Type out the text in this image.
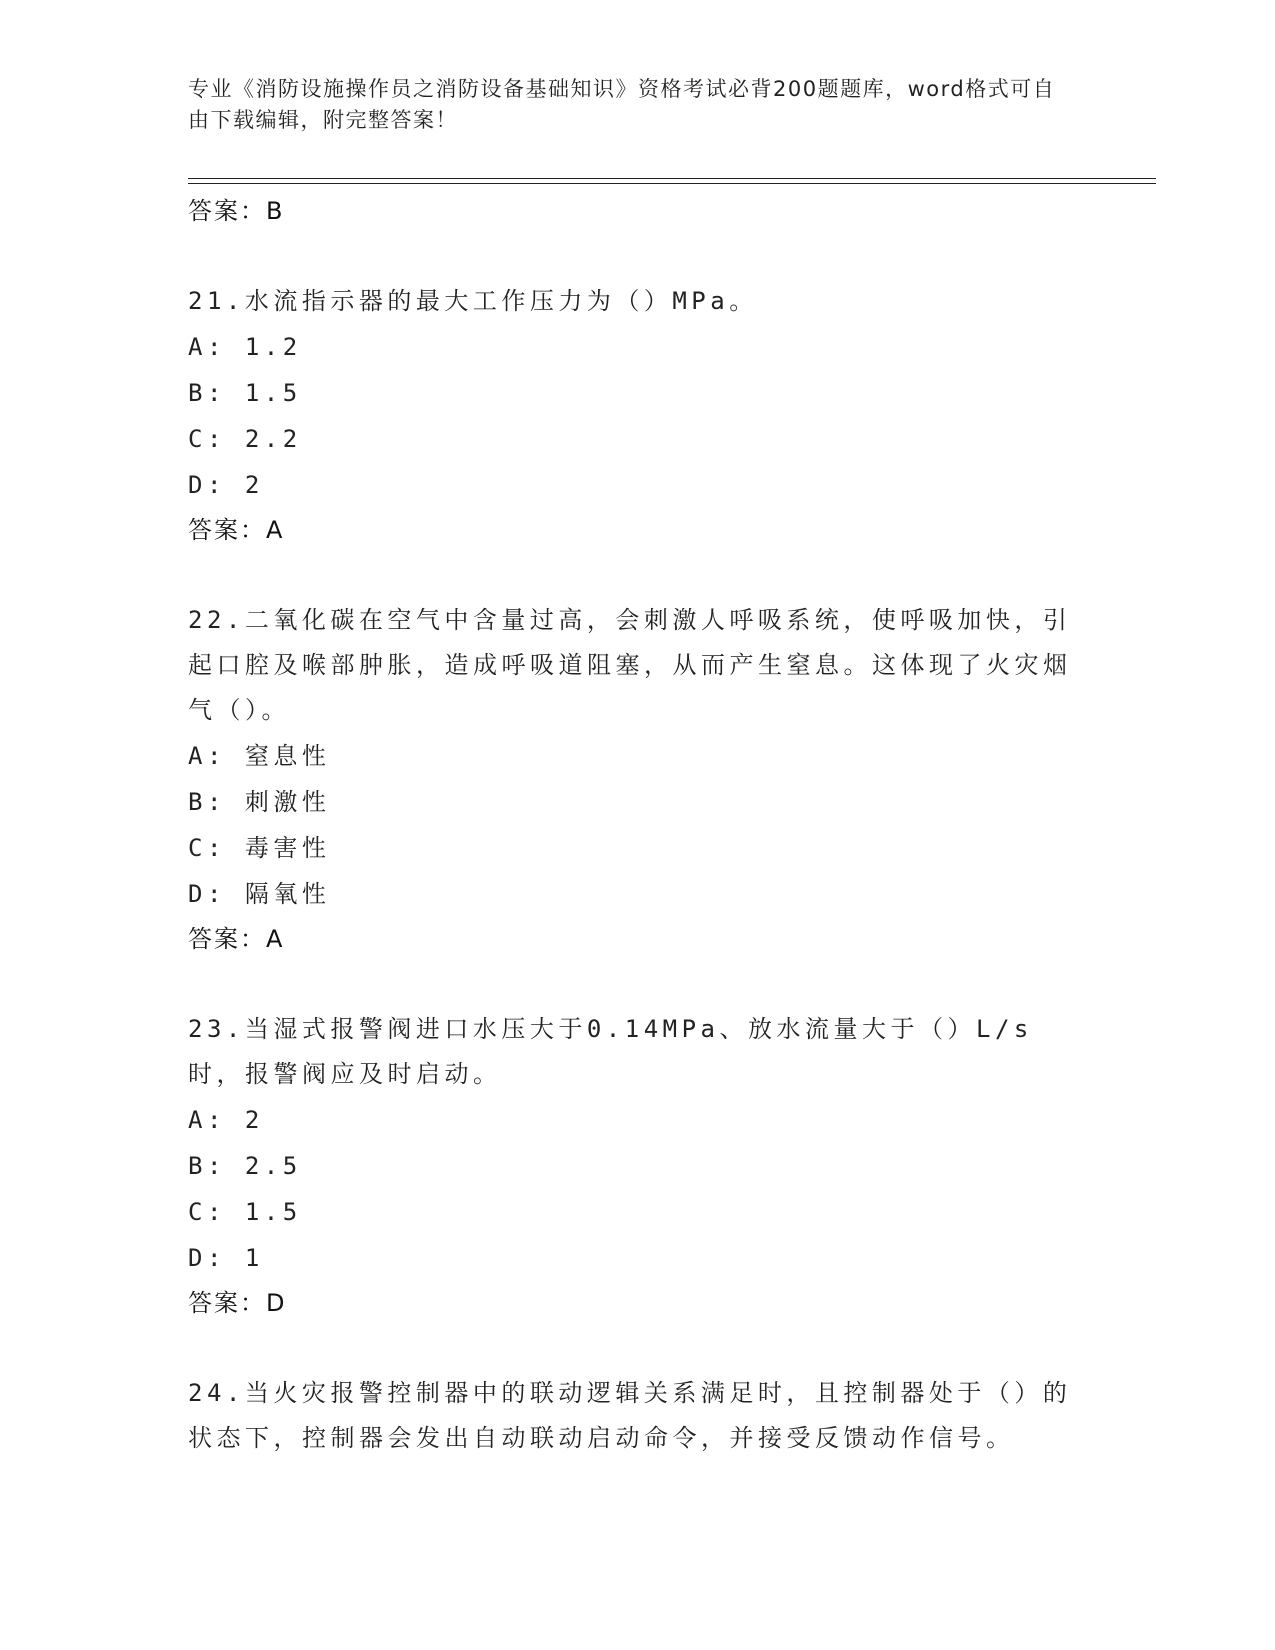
专业《消防设施操作员之消防设备基础知识》资格考试必背200题题库，word格式可自由下载编辑，附完整答案！
答案：B
21.水流指示器的最大工作压力为（）MPa。
A: 1.2
B: 1.5
C: 2.2
D: 2
答案：A
22.二氧化碳在空气中含量过高，会刺激人呼吸系统，使呼吸加快，引起口腔及喉部肿胀，造成呼吸道阻塞，从而产生窒息。这体现了火灾烟气（）。
A: 窒息性
B: 刺激性
C: 毒害性
D: 隔氧性
答案：A
23.当湿式报警阀进口水压大于0.14MPa、放水流量大于（）L/s时，报警阀应及时启动。
A: 2
B: 2.5
C: 1.5
D: 1
答案：D
24.当火灾报警控制器中的联动逻辑关系满足时，且控制器处于（）的状态下，控制器会发出自动联动启动命令，并接受反馈动作信号。
